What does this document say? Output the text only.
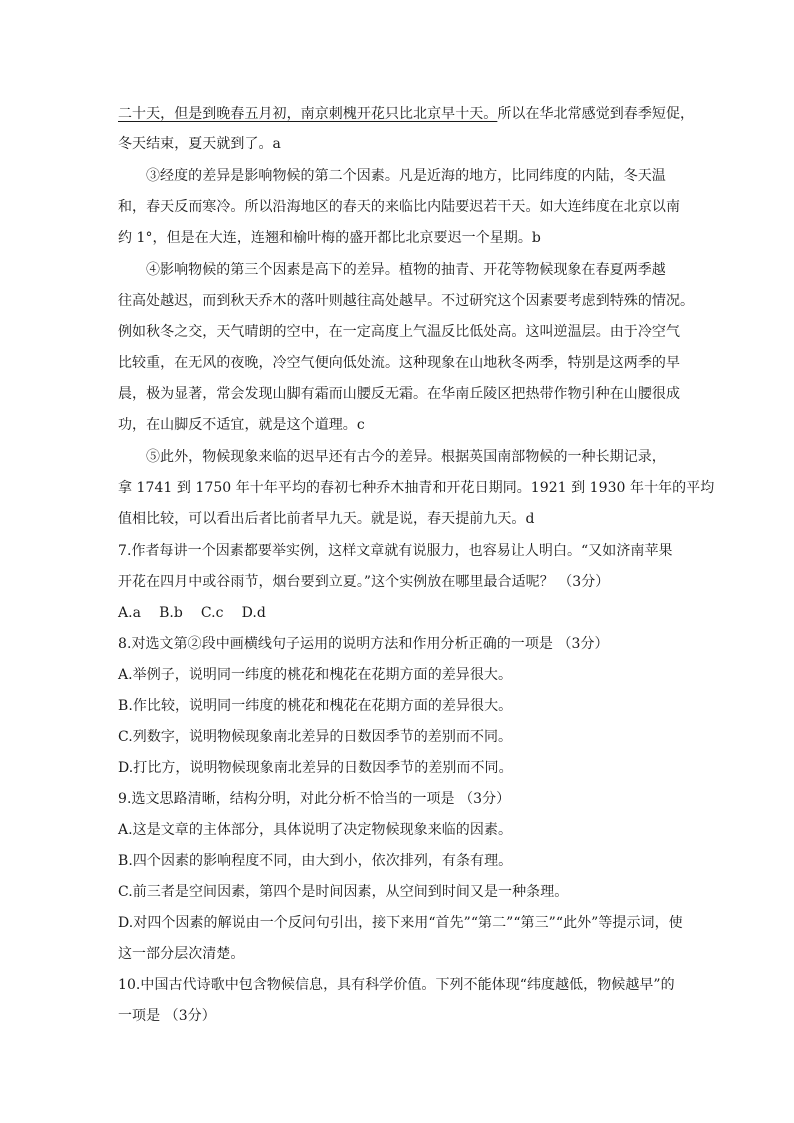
二十天，但是到晚春五月初，南京刺槐开花只比北京早十天。所以在华北常感觉到春季短促，
冬天结束，夏天就到了。a
③经度的差异是影响物候的第二个因素。凡是近海的地方，比同纬度的内陆，冬天温
和，春天反而寒冷。所以沿海地区的春天的来临比内陆要迟若干天。如大连纬度在北京以南
约 1°，但是在大连，连翘和榆叶梅的盛开都比北京要迟一个星期。b
④影响物候的第三个因素是高下的差异。植物的抽青、开花等物候现象在春夏两季越
往高处越迟，而到秋天乔木的落叶则越往高处越早。不过研究这个因素要考虑到特殊的情况。
例如秋冬之交，天气晴朗的空中，在一定高度上气温反比低处高。这叫逆温层。由于冷空气
比较重，在无风的夜晚，冷空气便向低处流。这种现象在山地秋冬两季，特别是这两季的早
晨，极为显著，常会发现山脚有霜而山腰反无霜。在华南丘陵区把热带作物引种在山腰很成
功，在山脚反不适宜，就是这个道理。c
⑤此外，物候现象来临的迟早还有古今的差异。根据英国南部物候的一种长期记录，
拿 1741 到 1750 年十年平均的春初七种乔木抽青和开花日期同。1921 到 1930 年十年的平均
值相比较，可以看出后者比前者早九天。就是说，春天提前九天。d
7.作者每讲一个因素都要举实例，这样文章就有说服力，也容易让人明白。“又如济南苹果
开花在四月中或谷雨节，烟台要到立夏。”这个实例放在哪里最合适呢？ （3分）
A.a B.b C.c D.d
8.对选文第②段中画横线句子运用的说明方法和作用分析正确的一项是 （3分）
A.举例子，说明同一纬度的桃花和槐花在花期方面的差异很大。
B.作比较，说明同一纬度的桃花和槐花在花期方面的差异很大。
C.列数字，说明物候现象南北差异的日数因季节的差别而不同。
D.打比方，说明物候现象南北差异的日数因季节的差别而不同。
9.选文思路清晰，结构分明，对此分析不恰当的一项是 （3分）
A.这是文章的主体部分，具体说明了决定物候现象来临的因素。
B.四个因素的影响程度不同，由大到小，依次排列，有条有理。
C.前三者是空间因素，第四个是时间因素，从空间到时间又是一种条理。
D.对四个因素的解说由一个反问句引出，接下来用“首先”“第二”“第三”“此外”等提示词，使
这一部分层次清楚。
10.中国古代诗歌中包含物候信息，具有科学价值。下列不能体现“纬度越低，物候越早”的
一项是 （3分）
